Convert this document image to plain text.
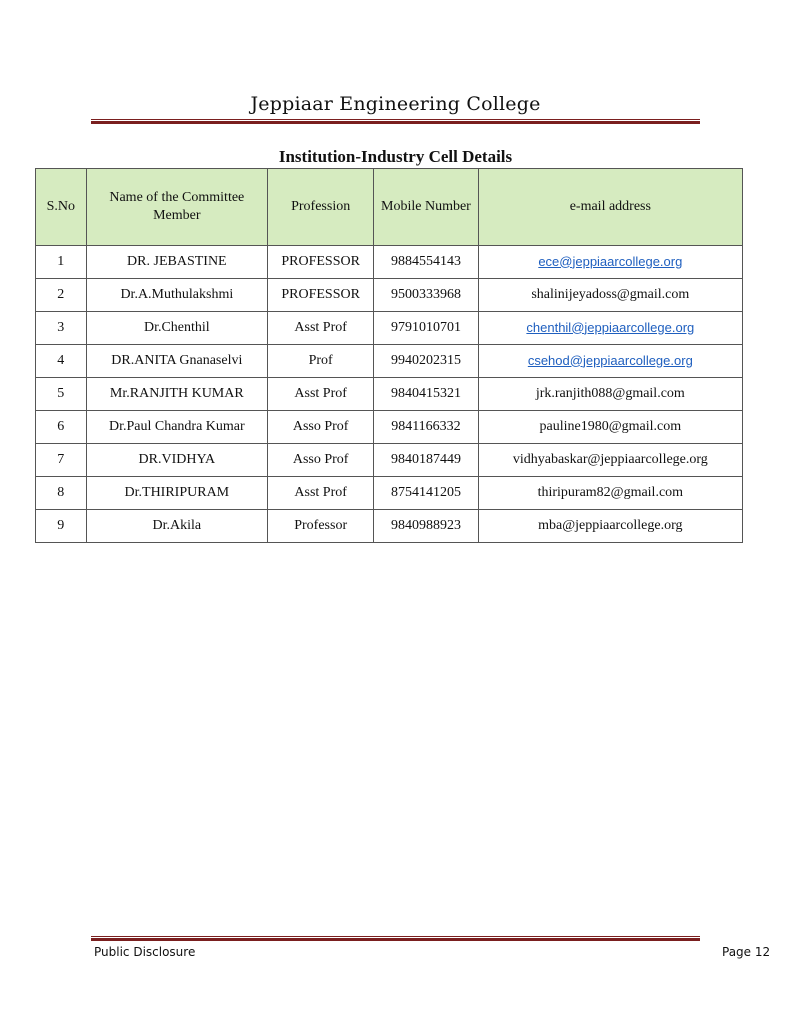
Jeppiaar Engineering College
Institution-Industry Cell Details
S.No	Name of the Committee Member	Profession	Mobile Number	e-mail address
1	DR. JEBASTINE	PROFESSOR	9884554143	ece@jeppiaarcollege.org
2	Dr.A.Muthulakshmi	PROFESSOR	9500333968	shalinijeyadoss@gmail.com
3	Dr.Chenthil	Asst Prof	9791010701	chenthil@jeppiaarcollege.org
4	DR.ANITA Gnanaselvi	Prof	9940202315	csehod@jeppiaarcollege.org
5	Mr.RANJITH KUMAR	Asst Prof	9840415321	jrk.ranjith088@gmail.com
6	Dr.Paul Chandra Kumar	Asso Prof	9841166332	pauline1980@gmail.com
7	DR.VIDHYA	Asso Prof	9840187449	vidhyabaskar@jeppiaarcollege.org
8	Dr.THIRIPURAM	Asst Prof	8754141205	thiripuram82@gmail.com
9	Dr.Akila	Professor	9840988923	mba@jeppiaarcollege.org
Public Disclosure	Page 12
